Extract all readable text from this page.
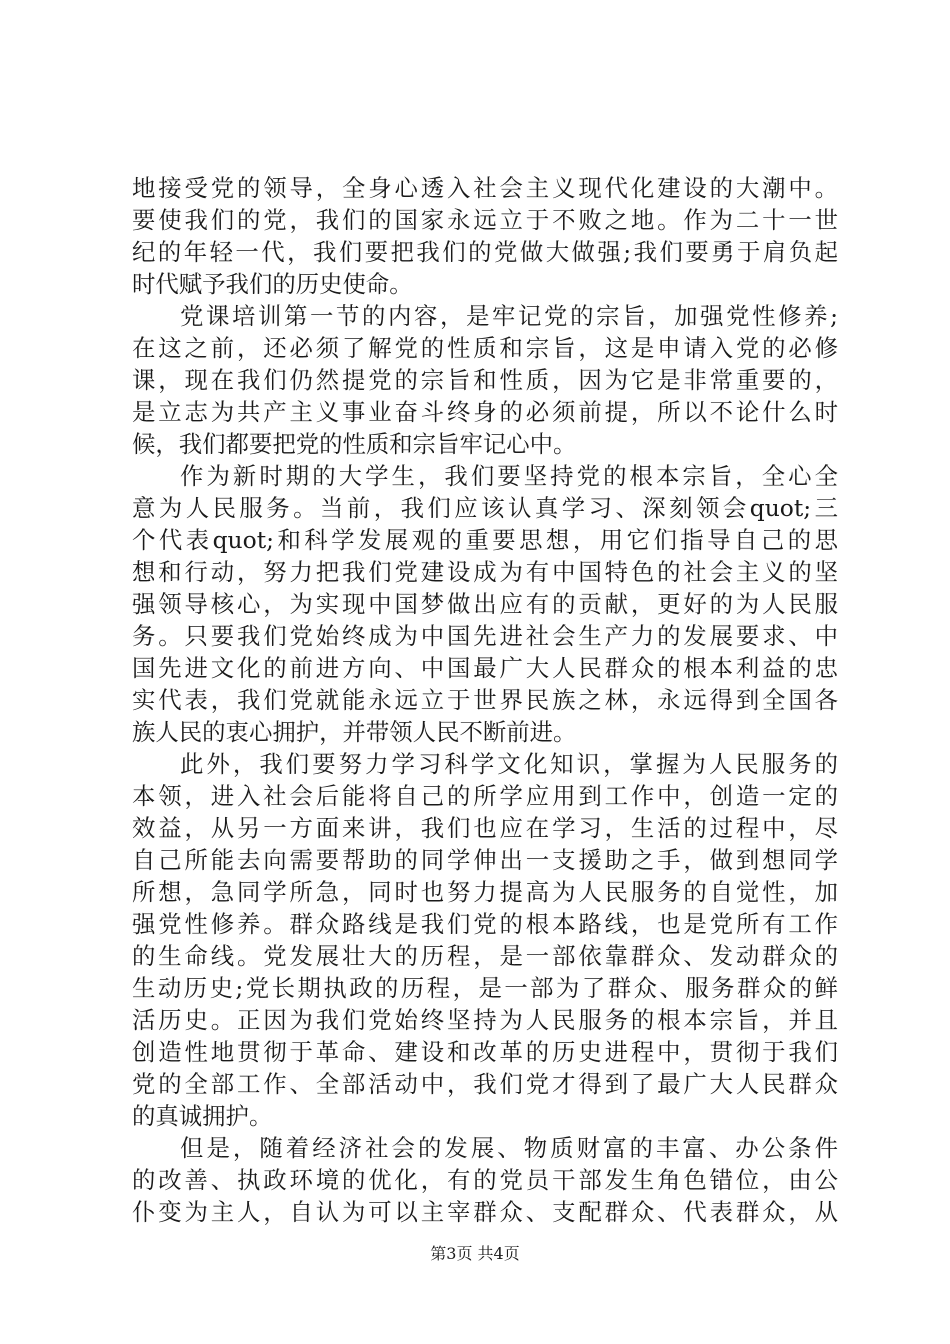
地接受党的领导，全身心透入社会主义现代化建设的大潮中。
要使我们的党，我们的国家永远立于不败之地。作为二十一世
纪的年轻一代，我们要把我们的党做大做强;我们要勇于肩负起
时代赋予我们的历史使命。
党课培训第一节的内容，是牢记党的宗旨，加强党性修养;
在这之前，还必须了解党的性质和宗旨，这是申请入党的必修
课，现在我们仍然提党的宗旨和性质，因为它是非常重要的，
是立志为共产主义事业奋斗终身的必须前提，所以不论什么时
候，我们都要把党的性质和宗旨牢记心中。
作为新时期的大学生，我们要坚持党的根本宗旨，全心全
意为人民服务。当前，我们应该认真学习、深刻领会quot;三
个代表quot;和科学发展观的重要思想，用它们指导自己的思
想和行动，努力把我们党建设成为有中国特色的社会主义的坚
强领导核心，为实现中国梦做出应有的贡献，更好的为人民服
务。只要我们党始终成为中国先进社会生产力的发展要求、中
国先进文化的前进方向、中国最广大人民群众的根本利益的忠
实代表，我们党就能永远立于世界民族之林，永远得到全国各
族人民的衷心拥护，并带领人民不断前进。
此外，我们要努力学习科学文化知识，掌握为人民服务的
本领，进入社会后能将自己的所学应用到工作中，创造一定的
效益，从另一方面来讲，我们也应在学习，生活的过程中，尽
自己所能去向需要帮助的同学伸出一支援助之手，做到想同学
所想，急同学所急，同时也努力提高为人民服务的自觉性，加
强党性修养。群众路线是我们党的根本路线，也是党所有工作
的生命线。党发展壮大的历程，是一部依靠群众、发动群众的
生动历史;党长期执政的历程，是一部为了群众、服务群众的鲜
活历史。正因为我们党始终坚持为人民服务的根本宗旨，并且
创造性地贯彻于革命、建设和改革的历史进程中，贯彻于我们
党的全部工作、全部活动中，我们党才得到了最广大人民群众
的真诚拥护。
但是，随着经济社会的发展、物质财富的丰富、办公条件
的改善、执政环境的优化，有的党员干部发生角色错位，由公
仆变为主人，自认为可以主宰群众、支配群众、代表群众，从
第3页 共4页
